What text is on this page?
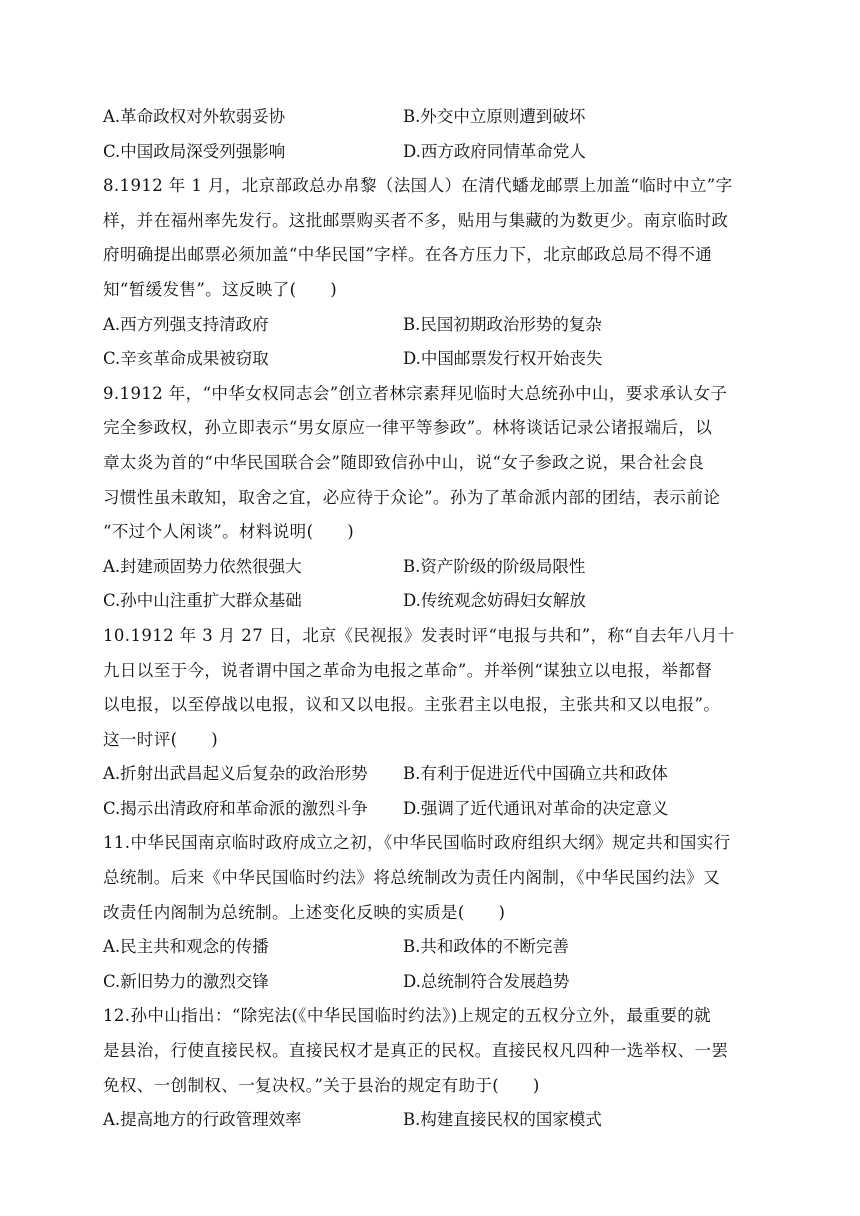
A.革命政权对外软弱妥协	B.外交中立原则遭到破坏
C.中国政局深受列强影响	D.西方政府同情革命党人
8.1912 年 1 月，北京部政总办帛黎（法国人）在清代蟠龙邮票上加盖“临时中立”字
样，并在福州率先发行。这批邮票购买者不多，贴用与集藏的为数更少。南京临时政
府明确提出邮票必须加盖“中华民国”字样。在各方压力下，北京邮政总局不得不通
知“暂缓发售”。这反映了(　　)
A.西方列强支持清政府	B.民国初期政治形势的复杂
C.辛亥革命成果被窃取	D.中国邮票发行权开始丧失
9.1912 年，“中华女权同志会”创立者林宗素拜见临时大总统孙中山，要求承认女子
完全参政权，孙立即表示“男女原应一律平等参政”。林将谈话记录公诸报端后，以
章太炎为首的“中华民国联合会”随即致信孙中山，说“女子参政之说，果合社会良
习惯性虽未敢知，取舍之宜，必应待于众论”。孙为了革命派内部的团结，表示前论
“不过个人闲谈”。材料说明(　　)
A.封建顽固势力依然很强大	B.资产阶级的阶级局限性
C.孙中山注重扩大群众基础	D.传统观念妨碍妇女解放
10.1912 年 3 月 27 日，北京《民视报》发表时评“电报与共和”，称“自去年八月十
九日以至于今，说者谓中国之革命为电报之革命”。并举例“谋独立以电报，举都督
以电报，以至停战以电报，议和又以电报。主张君主以电报，主张共和又以电报”。
这一时评(　　)
A.折射出武昌起义后复杂的政治形势	B.有利于促进近代中国确立共和政体
C.揭示出清政府和革命派的激烈斗争	D.强调了近代通讯对革命的决定意义
11.中华民国南京临时政府成立之初，《中华民国临时政府组织大纲》规定共和国实行
总统制。后来《中华民国临时约法》将总统制改为责任内阁制，《中华民国约法》又
改责任内阁制为总统制。上述变化反映的实质是(　　)
A.民主共和观念的传播	B.共和政体的不断完善
C.新旧势力的激烈交锋	D.总统制符合发展趋势
12.孙中山指出：“除宪法(《中华民国临时约法》)上规定的五权分立外，最重要的就
是县治，行使直接民权。直接民权才是真正的民权。直接民权凡四种一选举权、一罢
免权、一创制权、一复决权。”关于县治的规定有助于(　　)
A.提高地方的行政管理效率	B.构建直接民权的国家模式
